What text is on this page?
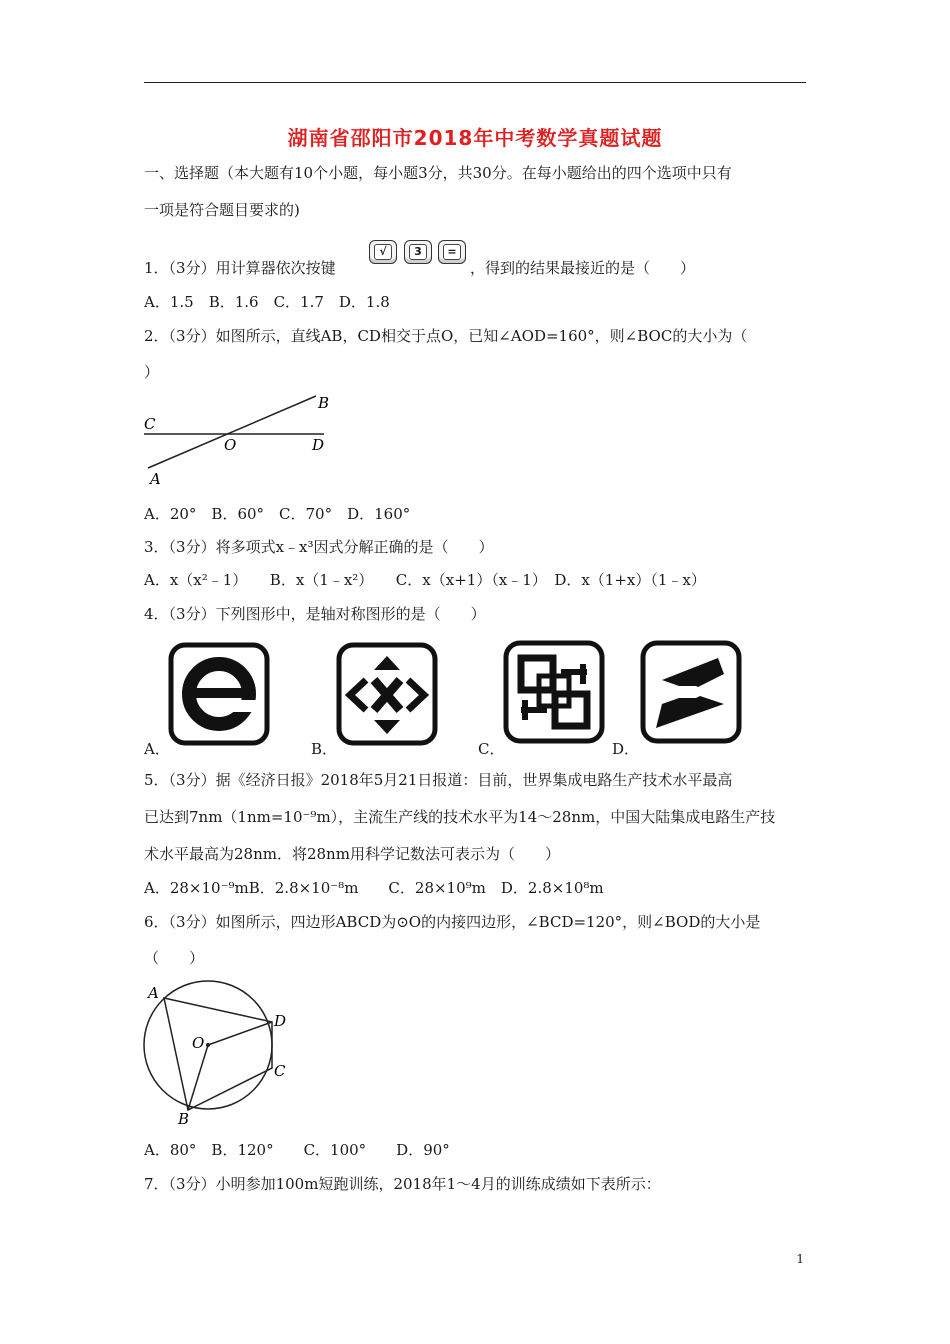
湖南省邵阳市2018年中考数学真题试题
一、选择题（本大题有10个小题，每小题3分，共30分。在每小题给出的四个选项中只有
一项是符合题目要求的)
1．（3分）用计算器依次按键
√	3	=
，得到的结果最接近的是（　　）
A．1.5　B．1.6　C．1.7　D．1.8
2．（3分）如图所示，直线AB，CD相交于点O，已知∠AOD=160°，则∠BOC的大小为（
）
C
B
O	D
A
A．20°　B．60°　C．70°　D．160°
3．（3分）将多项式x﹣x³因式分解正确的是（　　）
A．x（x²﹣1）　　B．x（1﹣x²）　　C．x（x+1）（x﹣1）　D．x（1+x）（1﹣x）
4．（3分）下列图形中，是轴对称图形的是（　　）
A．	B．	C．	D．
5．（3分）据《经济日报》2018年5月21日报道：目前，世界集成电路生产技术水平最高
已达到7nm（1nm=10⁻⁹m），主流生产线的技术水平为14～28nm，中国大陆集成电路生产技
术水平最高为28nm．将28nm用科学记数法可表示为（　　）
A．28×10⁻⁹mB．2.8×10⁻⁸m　　C．28×10⁹m　D．2.8×10⁸m
6．（3分）如图所示，四边形ABCD为⊙O的内接四边形，∠BCD=120°，则∠BOD的大小是
（　　）
A
O
D
C
B
A．80°　B．120°　　C．100°　　D．90°
7．（3分）小明参加100m短跑训练，2018年1～4月的训练成绩如下表所示：
1
